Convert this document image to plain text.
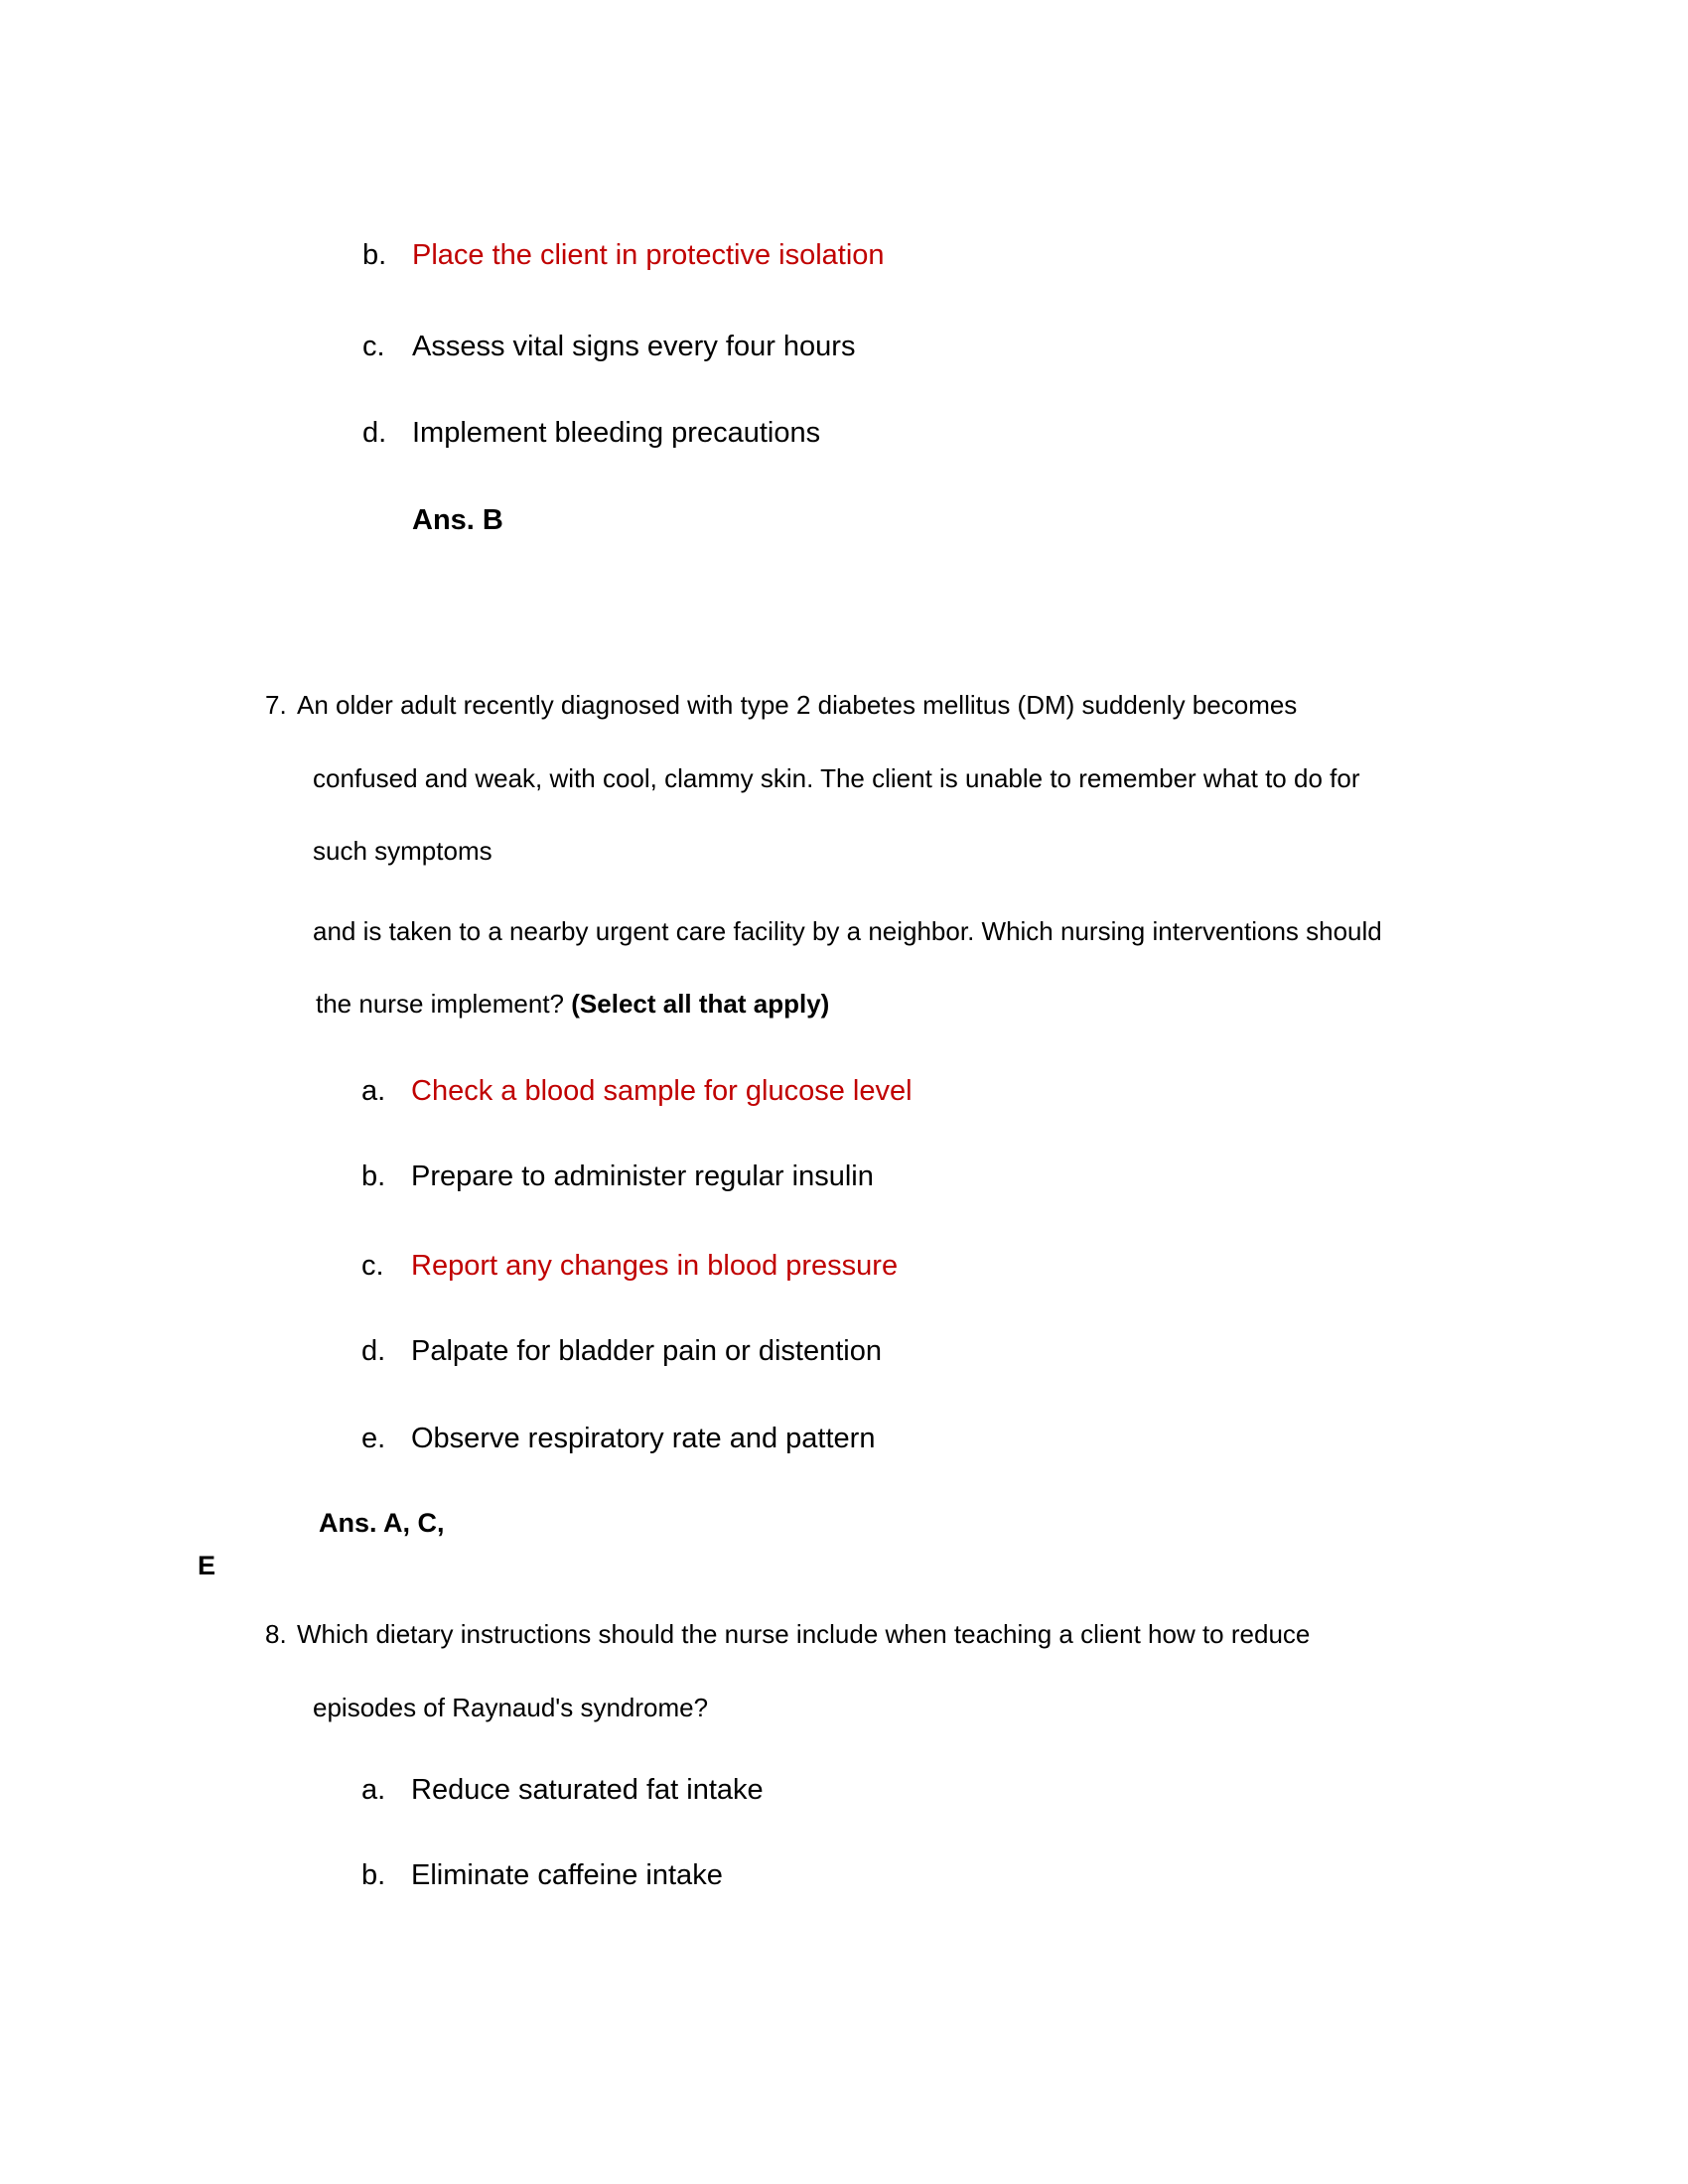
b. Place the client in protective isolation
c. Assess vital signs every four hours
d. Implement bleeding precautions
Ans. B
7. An older adult recently diagnosed with type 2 diabetes mellitus (DM) suddenly becomes
confused and weak, with cool, clammy skin. The client is unable to remember what to do for
such symptoms
and is taken to a nearby urgent care facility by a neighbor. Which nursing interventions should
the nurse implement? (Select all that apply)
a. Check a blood sample for glucose level
b. Prepare to administer regular insulin
c. Report any changes in blood pressure
d. Palpate for bladder pain or distention
e. Observe respiratory rate and pattern
Ans. A, C,
E
8. Which dietary instructions should the nurse include when teaching a client how to reduce
episodes of Raynaud's syndrome?
a. Reduce saturated fat intake
b. Eliminate caffeine intake
